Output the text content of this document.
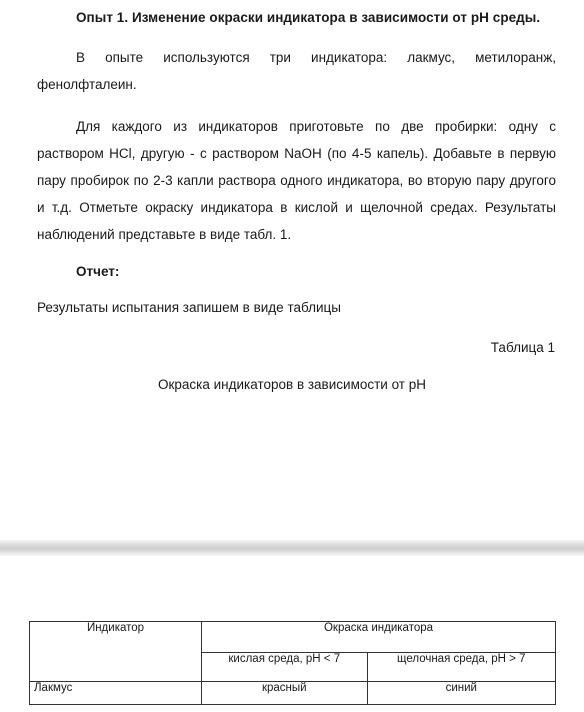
Опыт 1. Изменение окраски индикатора в зависимости от рН среды.
В опыте используются три индикатора: лакмус, метилоранж, фенолфталеин.
Для каждого из индикаторов приготовьте по две пробирки: одну с раствором HCl, другую - с раствором NaOH (по 4-5 капель). Добавьте в первую пару пробирок по 2-3 капли раствора одного индикатора, во вторую пару другого и т.д. Отметьте окраску индикатора в кислой и щелочной средах. Результаты наблюдений представьте в виде табл. 1.
Отчет:
Результаты испытания запишем в виде таблицы
Таблица 1
Окраска индикаторов в зависимости от рН
Индикатор	Окраска индикатора	
	кислая среда, pH < 7	щелочная среда, pH > 7
Лакмус	красный	синий
